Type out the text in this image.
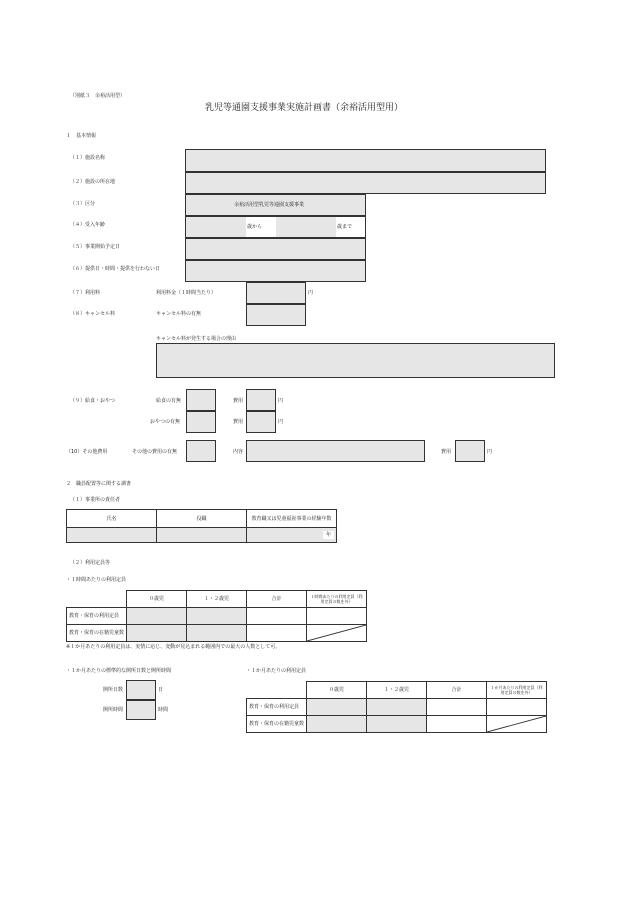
（別紙３　余裕活用型）
乳児等通園支援事業実施計画書（余裕活用型用）
１　基本情報
（１）施設名称
（２）施設の所在地
（３）区分	余裕活用型乳児等通園支援事業
（４）受入年齢	歳から	歳まで
（５）事業開始予定日
（６）提供日・時間・提供を行わない日
（７）利用料	利用料金（１時間当たり）	円
（８）キャンセル料	キャンセル料の有無
キャンセル料が発生する場合の理由
（９）給食・おやつ	給食の有無	費用	円
おやつの有無	費用	円
（10）その他費用	その他の費用の有無	内容	費用	円
２　職員配置等に関する調書
（１）事業所の責任者
氏名	役職	教育職又は児童福祉事業の経験年数
		年
（２）利用定員等
・１時間あたりの利用定員
	０歳児	１・２歳児	合計	１時間あたりの利用定員（利用定員の数を外）
教育・保育の利用定員				
教育・保育の在籍児童数				
※１か月あたりの利用定員は、実情に応じ、変動が見込まれる範囲内での最大の人数として可。
・１か月あたりの標準的な開所日数と開所時間
開所日数	日
開所時間	時間
・１か月あたりの利用定員
	０歳児	１・２歳児	合計	１か月あたりの利用定員（利用定員の数を外）
教育・保育の利用定員				
教育・保育の在籍児童数				
